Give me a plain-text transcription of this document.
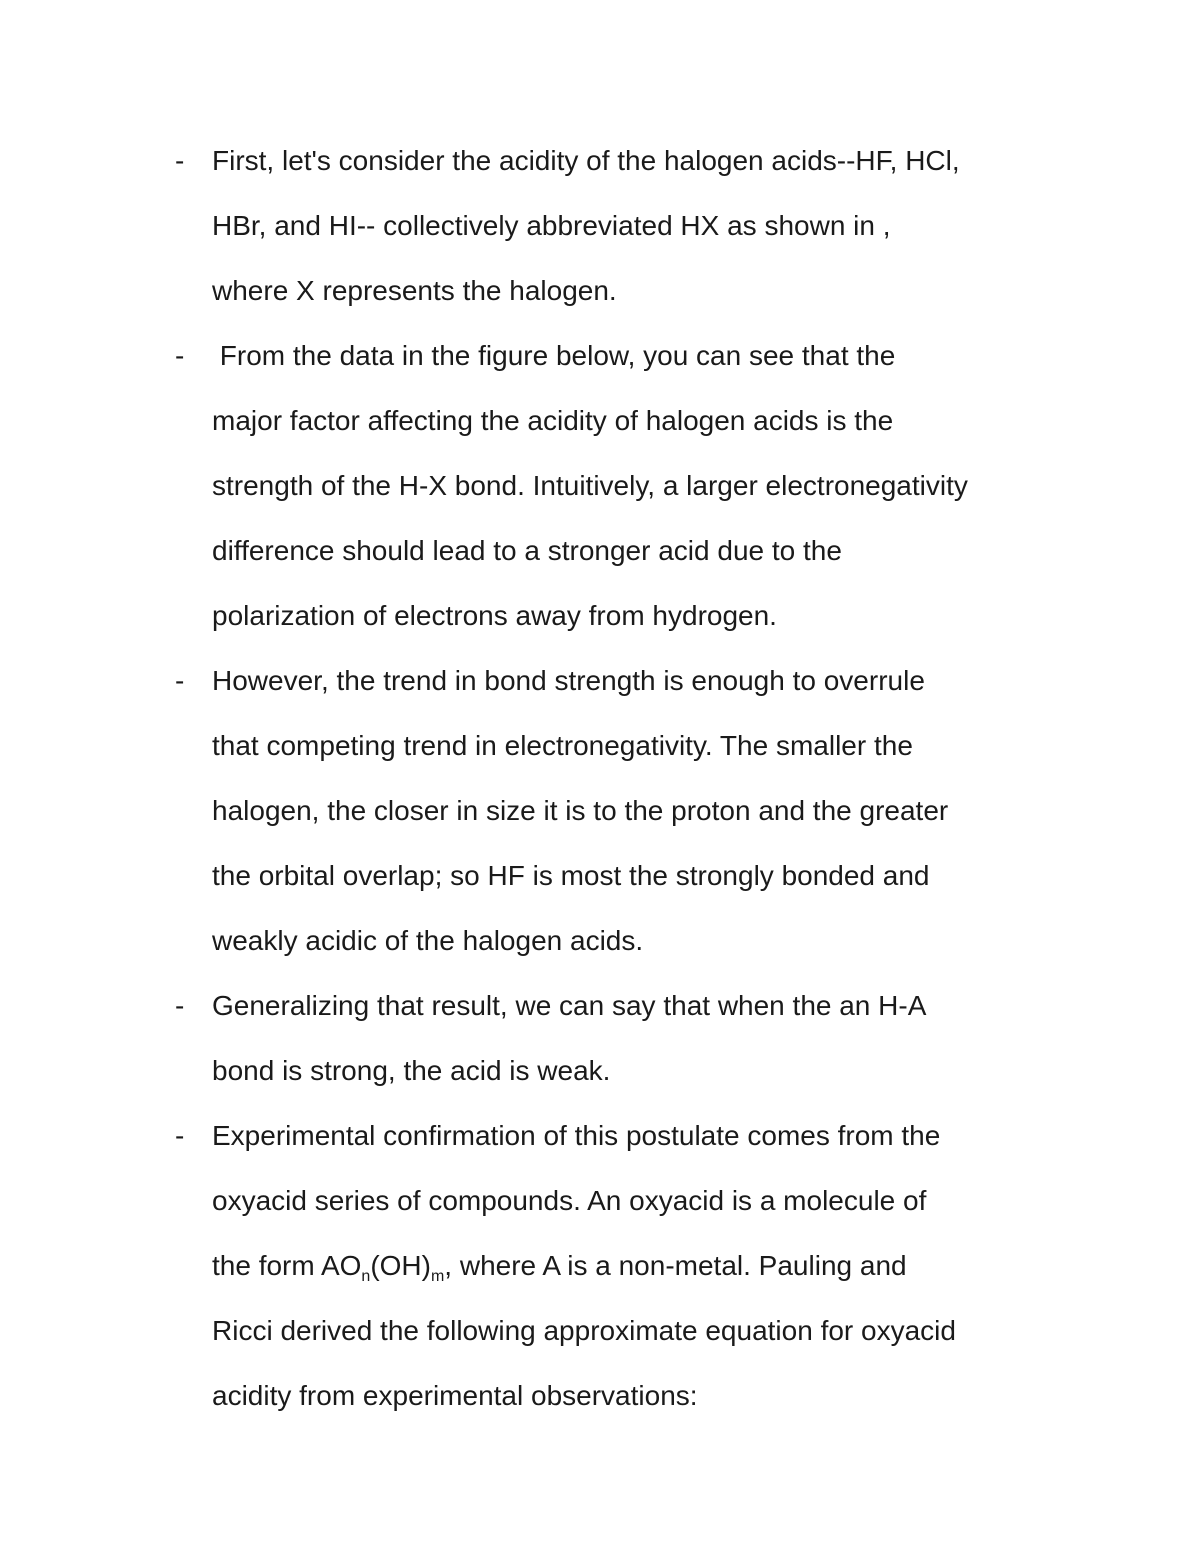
- First, let's consider the acidity of the halogen acids--HF, HCl,
HBr, and HI-- collectively abbreviated HX as shown in ,
where X represents the halogen.
- From the data in the figure below, you can see that the
major factor affecting the acidity of halogen acids is the
strength of the H-X bond. Intuitively, a larger electronegativity
difference should lead to a stronger acid due to the
polarization of electrons away from hydrogen.
- However, the trend in bond strength is enough to overrule
that competing trend in electronegativity. The smaller the
halogen, the closer in size it is to the proton and the greater
the orbital overlap; so HF is most the strongly bonded and
weakly acidic of the halogen acids.
- Generalizing that result, we can say that when the an H-A
bond is strong, the acid is weak.
- Experimental confirmation of this postulate comes from the
oxyacid series of compounds. An oxyacid is a molecule of
the form $AO_n(OH)_m$, where A is a non-metal. Pauling and
Ricci derived the following approximate equation for oxyacid
acidity from experimental observations:
